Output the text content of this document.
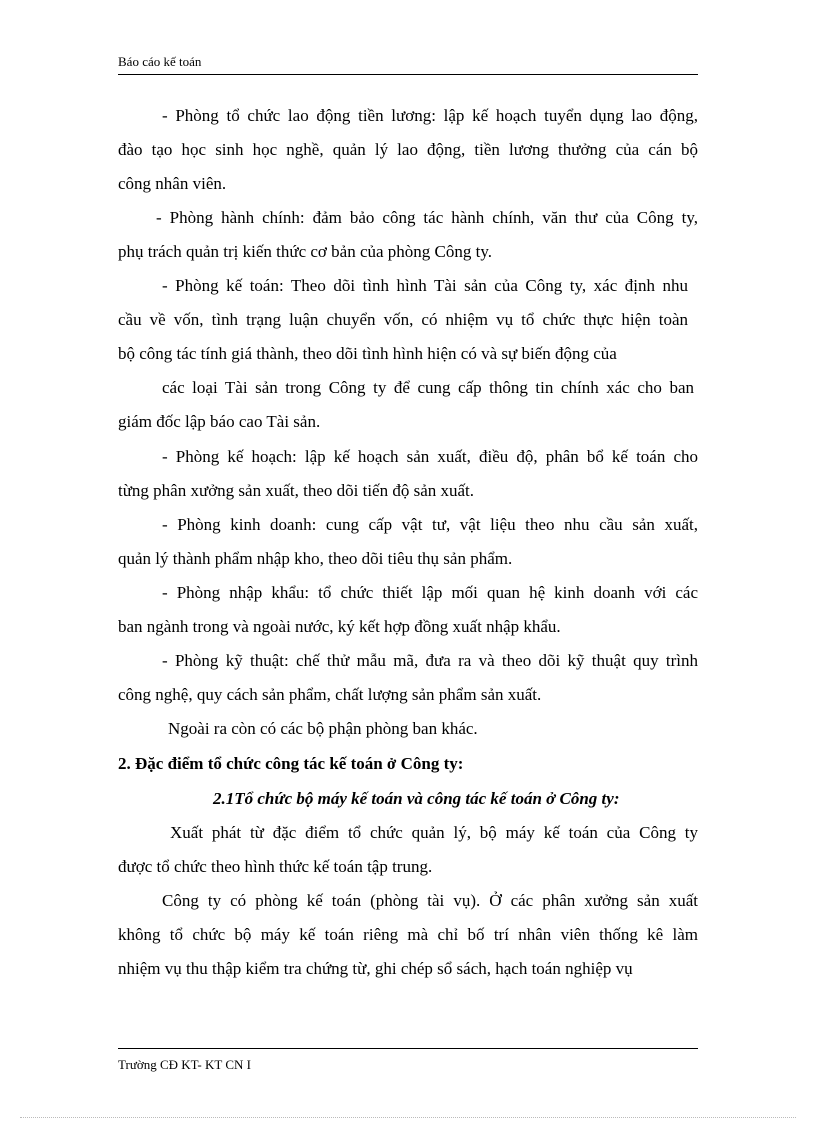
Báo cáo kế toán
- Phòng tổ chức lao động tiền lương: lập kế hoạch tuyển dụng lao động,
đào tạo học sinh học nghề, quản lý lao động, tiền lương thưởng của cán bộ
công nhân viên.
- Phòng hành chính: đảm bảo công tác hành chính, văn thư của Công ty,
phụ trách quản trị kiến thức cơ bản của phòng Công ty.
- Phòng kế toán: Theo dõi tình hình Tài sản của Công ty, xác định nhu
cầu về vốn, tình trạng luận chuyển vốn, có nhiệm vụ tổ chức thực hiện toàn
bộ công tác tính giá thành, theo dõi tình hình hiện có và sự biến động của
các loại Tài sản trong Công ty để cung cấp thông tin chính xác cho ban
giám đốc lập báo cao Tài sản.
- Phòng kế hoạch: lập kế hoạch sản xuất, điều độ, phân bổ kế toán cho
từng phân xưởng sản xuất, theo dõi tiến độ sản xuất.
- Phòng kinh doanh: cung cấp vật tư, vật liệu theo nhu cầu sản xuất,
quản lý thành phẩm nhập kho, theo dõi tiêu thụ sản phẩm.
- Phòng nhập khẩu: tổ chức thiết lập mối quan hệ kinh doanh với các
ban ngành trong và ngoài nước, ký kết hợp đồng xuất nhập khẩu.
- Phòng kỹ thuật: chế thử mẫu mã, đưa ra và theo dõi kỹ thuật quy trình
công nghệ, quy cách sản phẩm, chất lượng sản phẩm sản xuất.
Ngoài ra còn có các bộ phận phòng ban khác.
2. Đặc điểm tổ chức công tác kế toán ở Công ty:
2.1Tổ chức bộ máy kế toán và công tác kế toán ở Công ty:
Xuất phát từ đặc điểm tổ chức quản lý, bộ máy kế toán của Công ty
được tổ chức theo hình thức kế toán tập trung.
Công ty có phòng kế toán (phòng tài vụ). Ở các phân xưởng sản xuất
không tổ chức bộ máy kế toán riêng mà chỉ bố trí nhân viên thống kê làm
nhiệm vụ thu thập kiểm tra chứng từ, ghi chép sổ sách, hạch toán nghiệp vụ
Trường CĐ KT- KT CN I
